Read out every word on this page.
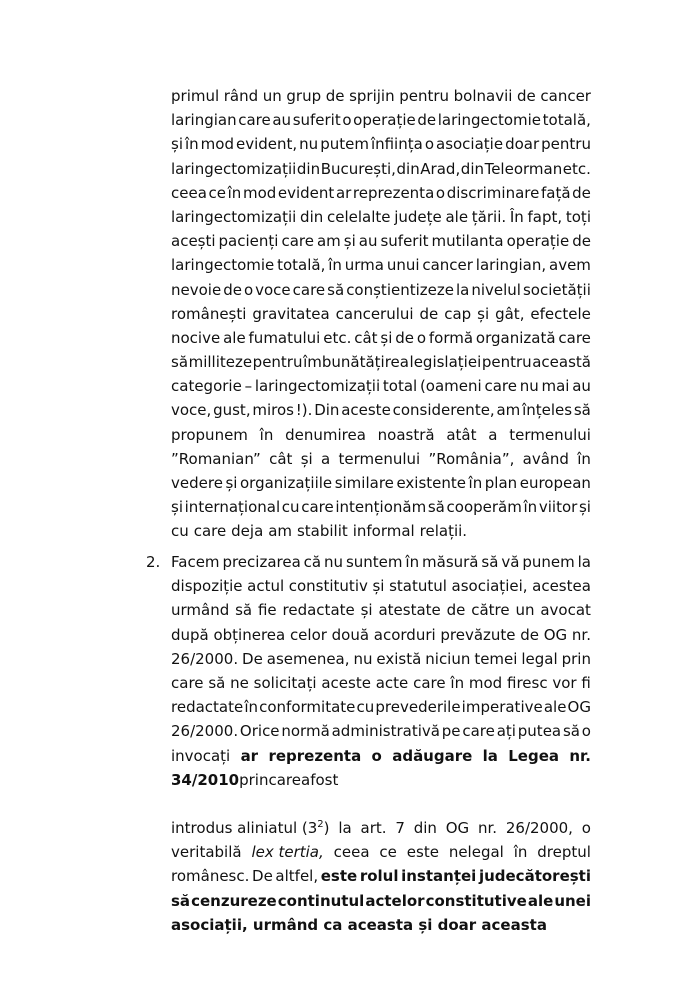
primul rând un grup de sprijin pentru bolnavii de cancer
laringian care au suferit o operație de laringectomie totală,
și în mod evident, nu putem înființa o asociație doar pentru
laringectomizații din București, din Arad, din Teleorman etc.
ceea ce în mod evident ar reprezenta o discriminare față de
laringectomizații din celelalte județe ale țării. În fapt, toți
acești pacienți care am și au suferit mutilanta operație de
laringectomie totală, în urma unui cancer laringian, avem
nevoie de o voce care să conștientizeze la nivelul societății
românești gravitatea cancerului de cap și gât, efectele
nocive ale fumatului etc. cât și de o formă organizată care
să milliteze pentru îmbunătățirea legislației pentru această
categorie – laringectomizații total (oameni care nu mai au
voce, gust, miros !). Din aceste considerente, am înțeles să
propunem în denumirea noastră atât a termenului
”Romanian” cât și a termenului ”România”, având în
vedere și organizațiile similare existente în plan european
și internațional cu care intenționăm să cooperăm în viitor și
cu care deja am stabilit informal relații.
2. Facem precizarea că nu suntem în măsură să vă punem la
dispoziție actul constitutiv și statutul asociației, acestea
urmând să fie redactate și atestate de către un avocat
după obținerea celor două acorduri prevăzute de OG nr.
26/2000. De asemenea, nu există niciun temei legal prin
care să ne solicitați aceste acte care în mod firesc vor fi
redactate în conformitate cu prevederile imperative ale OG
26/2000. Orice normă administrativă pe care ați putea să o
invocați ar reprezenta o adăugare la Legea nr.
34/2010 prin care a fost
introdus aliniatul $(3^2)$ la art. 7 din OG nr. 26/2000, o
veritabilă lex tertia, ceea ce este nelegal în dreptul
românesc. De altfel, este rolul instanței judecătorești
să cenzureze continutul actelor constitutive ale unei
asociații, urmând ca aceasta și doar aceasta
